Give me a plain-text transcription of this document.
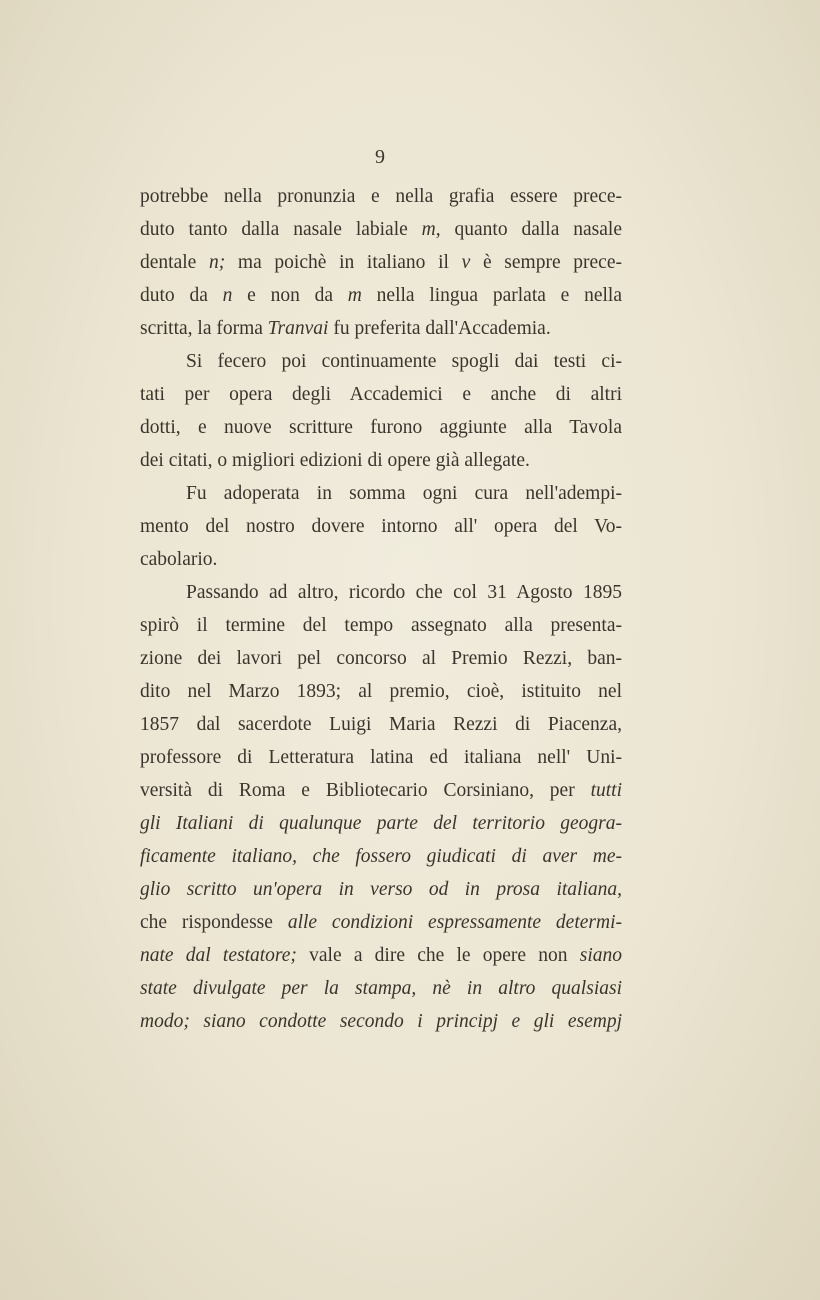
9
potrebbe nella pronunzia e nella grafia essere prece-
duto tanto dalla nasale labiale m, quanto dalla nasale
dentale n; ma poichè in italiano il v è sempre prece-
duto da n e non da m nella lingua parlata e nella
scritta, la forma Tranvai fu preferita dall'Accademia.
Si fecero poi continuamente spogli dai testi ci-
tati per opera degli Accademici e anche di altri
dotti, e nuove scritture furono aggiunte alla Tavola
dei citati, o migliori edizioni di opere già allegate.
Fu adoperata in somma ogni cura nell'adempi-
mento del nostro dovere intorno all' opera del Vo-
cabolario.
Passando ad altro, ricordo che col 31 Agosto 1895
spirò il termine del tempo assegnato alla presenta-
zione dei lavori pel concorso al Premio Rezzi, ban-
dito nel Marzo 1893; al premio, cioè, istituito nel
1857 dal sacerdote Luigi Maria Rezzi di Piacenza,
professore di Letteratura latina ed italiana nell' Uni-
versità di Roma e Bibliotecario Corsiniano, per tutti
gli Italiani di qualunque parte del territorio geogra-
ficamente italiano, che fossero giudicati di aver me-
glio scritto un'opera in verso od in prosa italiana,
che rispondesse alle condizioni espressamente determi-
nate dal testatore; vale a dire che le opere non siano
state divulgate per la stampa, nè in altro qualsiasi
modo; siano condotte secondo i principj e gli esempj
